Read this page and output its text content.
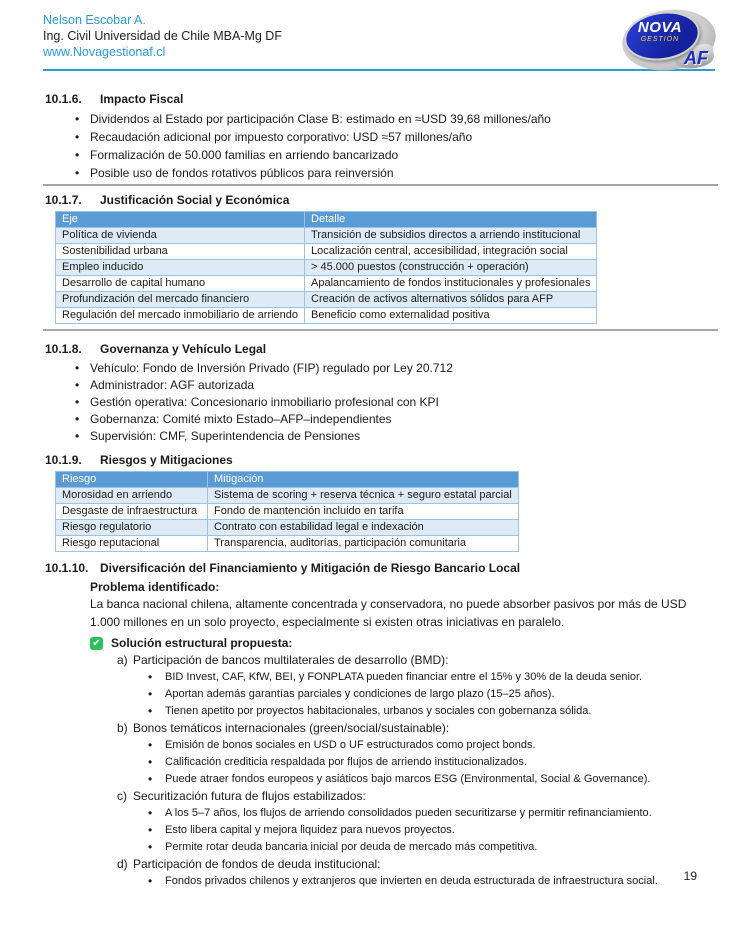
Nelson Escobar A.
Ing. Civil Universidad de Chile MBA-Mg DF
www.Novagestionaf.cl
NOVA
GESTIÓN
AF
10.1.6. Impacto Fiscal
• Dividendos al Estado por participación Clase B: estimado en ≈USD 39,68 millones/año
• Recaudación adicional por impuesto corporativo: USD ≈57 millones/año
• Formalización de 50.000 familias en arriendo bancarizado
• Posible uso de fondos rotativos públicos para reinversión
10.1.7. Justificación Social y Económica
Eje	Detalle
Política de vivienda	Transición de subsidios directos a arriendo institucional
Sostenibilidad urbana	Localización central, accesibilidad, integración social
Empleo inducido	> 45.000 puestos (construcción + operación)
Desarrollo de capital humano	Apalancamiento de fondos institucionales y profesionales
Profundización del mercado financiero	Creación de activos alternativos sólidos para AFP
Regulación del mercado inmobiliario de arriendo	Beneficio como externalidad positiva
10.1.8. Governanza y Vehículo Legal
• Vehículo: Fondo de Inversión Privado (FIP) regulado por Ley 20.712
• Administrador: AGF autorizada
• Gestión operativa: Concesionario inmobiliario profesional con KPI
• Gobernanza: Comité mixto Estado–AFP–independientes
• Supervisión: CMF, Superintendencia de Pensiones
10.1.9. Riesgos y Mitigaciones
Riesgo	Mitigación
Morosidad en arriendo	Sistema de scoring + reserva técnica + seguro estatal parcial
Desgaste de infraestructura	Fondo de mantención incluido en tarifa
Riesgo regulatorio	Contrato con estabilidad legal e indexación
Riesgo reputacional	Transparencia, auditorías, participación comunitaria
10.1.10. Diversificación del Financiamiento y Mitigación de Riesgo Bancario Local
Problema identificado:
La banca nacional chilena, altamente concentrada y conservadora, no puede absorber pasivos por más de USD 1.000 millones en un solo proyecto, especialmente si existen otras iniciativas en paralelo.
✔ Solución estructural propuesta:
a) Participación de bancos multilaterales de desarrollo (BMD):
• BID Invest, CAF, KfW, BEI, y FONPLATA pueden financiar entre el 15% y 30% de la deuda senior.
• Aportan además garantías parciales y condiciones de largo plazo (15–25 años).
• Tienen apetito por proyectos habitacionales, urbanos y sociales con gobernanza sólida.
b) Bonos temáticos internacionales (green/social/sustainable):
• Emisión de bonos sociales en USD o UF estructurados como project bonds.
• Calificación crediticia respaldada por flujos de arriendo institucionalizados.
• Puede atraer fondos europeos y asiáticos bajo marcos ESG (Environmental, Social & Governance).
c) Securitización futura de flujos estabilizados:
• A los 5–7 años, los flujos de arriendo consolidados pueden securitizarse y permitir refinanciamiento.
• Esto libera capital y mejora liquidez para nuevos proyectos.
• Permite rotar deuda bancaria inicial por deuda de mercado más competitiva.
d) Participación de fondos de deuda institucional:
• Fondos privados chilenos y extranjeros que invierten en deuda estructurada de infraestructura social.	19
